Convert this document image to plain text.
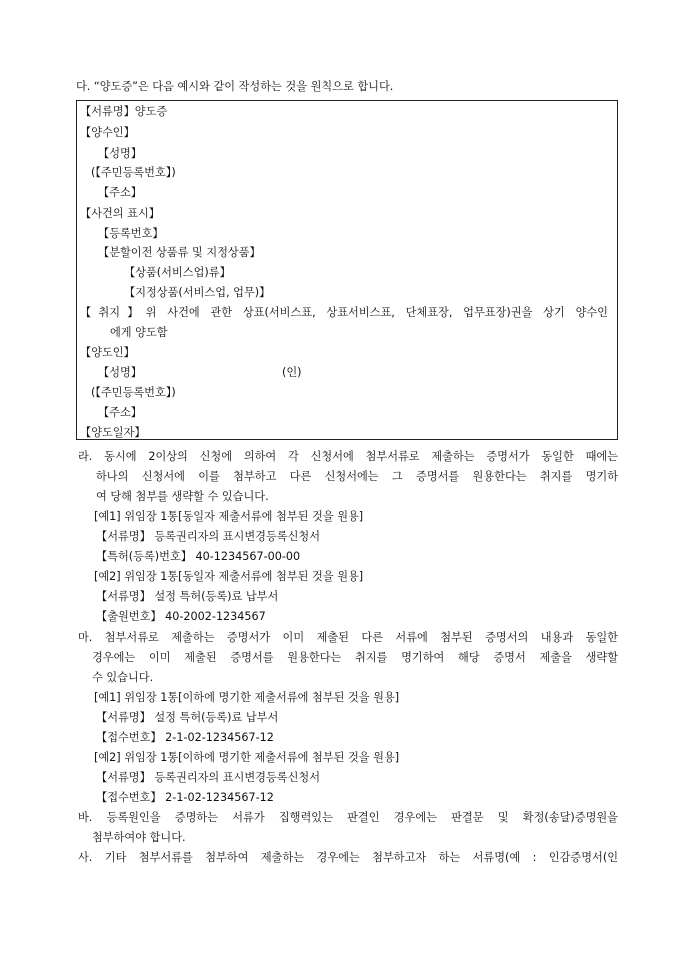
다. “양도증”은 다음 예시와 같이 작성하는 것을 원칙으로 합니다.
【서류명】양도증
【양수인】
【성명】
(【주민등록번호】)
【주소】
【사건의 표시】
【등록번호】
【분할이전 상품류 및 지정상품】
【상품(서비스업)류】
【지정상품(서비스업, 업무)】
【취지】위 사건에 관한 상표(서비스표, 상표서비스표, 단체표장, 업무표장)권을 상기 양수인
에게 양도함
【양도인】
【성명】	(인)
(【주민등록번호】)
【주소】
【양도일자】
라. 동시에 2이상의 신청에 의하여 각 신청서에 첨부서류로 제출하는 증명서가 동일한 때에는
하나의 신청서에 이를 첨부하고 다른 신청서에는 그 증명서를 원용한다는 취지를 명기하
여 당해 첨부를 생략할 수 있습니다.
[예1] 위임장 1통[동일자 제출서류에 첨부된 것을 원용]
【서류명】 등록권리자의 표시변경등록신청서
【특허(등록)번호】 40-1234567-00-00
[예2] 위임장 1통[동일자 제출서류에 첨부된 것을 원용]
【서류명】 설정 특허(등록)료 납부서
【출원번호】 40-2002-1234567
마. 첨부서류로 제출하는 증명서가 이미 제출된 다른 서류에 첨부된 증명서의 내용과 동일한
경우에는 이미 제출된 증명서를 원용한다는 취지를 명기하여 해당 증명서 제출을 생략할
수 있습니다.
[예1] 위임장 1통[이하에 명기한 제출서류에 첨부된 것을 원용]
【서류명】 설정 특허(등록)료 납부서
【접수번호】 2-1-02-1234567-12
[예2] 위임장 1통[이하에 명기한 제출서류에 첨부된 것을 원용]
【서류명】 등록권리자의 표시변경등록신청서
【접수번호】 2-1-02-1234567-12
바. 등록원인을 증명하는 서류가 집행력있는 판결인 경우에는 판결문 및 확정(송달)증명원을
첨부하여야 합니다.
사. 기타 첨부서류를 첨부하여 제출하는 경우에는 첨부하고자 하는 서류명(예 : 인감증명서(인
